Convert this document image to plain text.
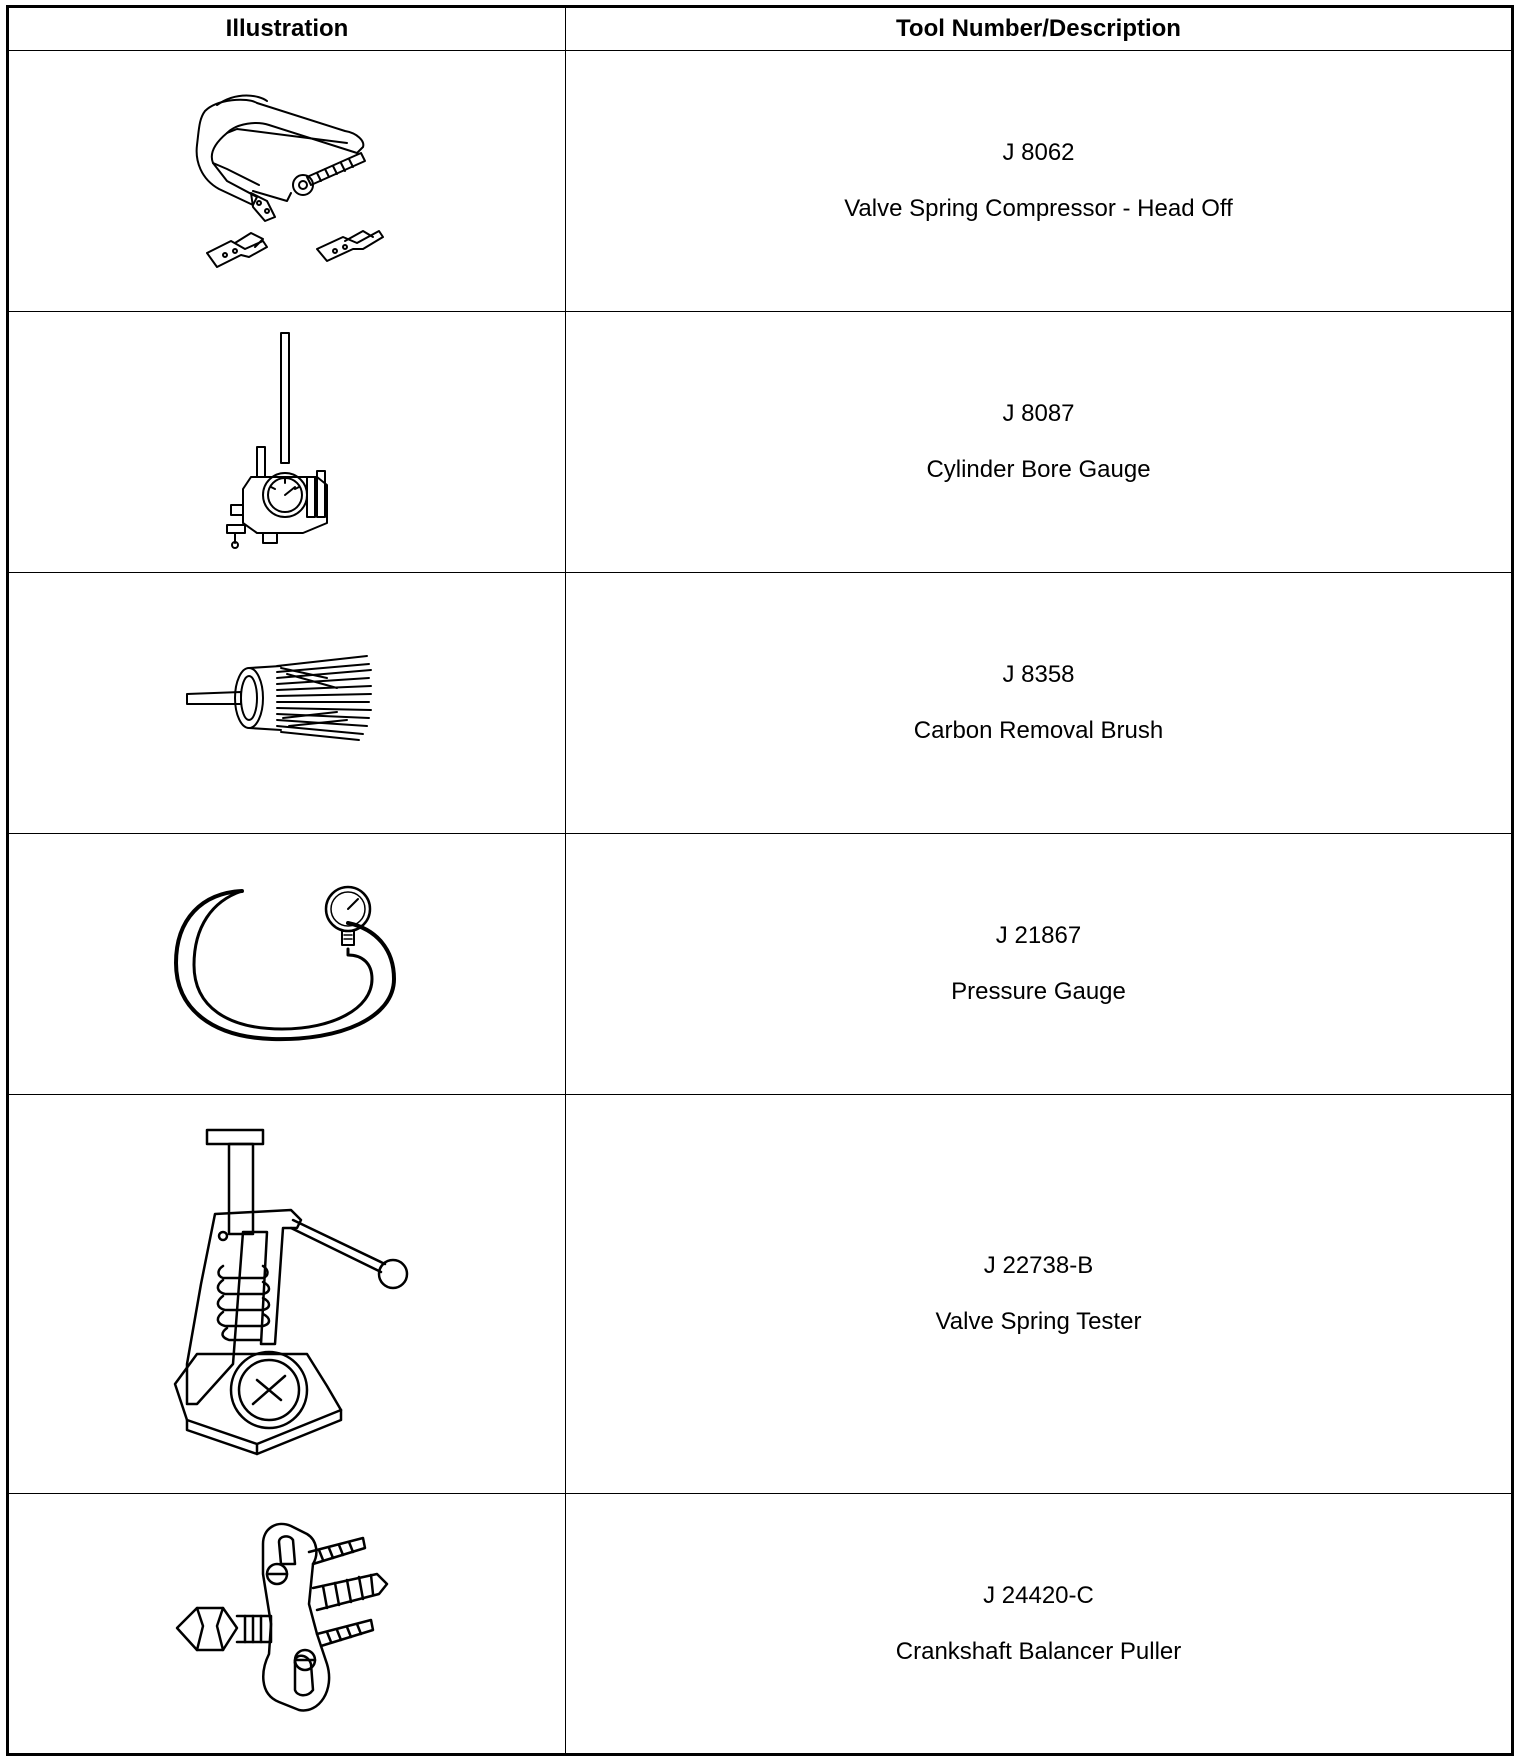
Illustration	Tool Number/Description

J 8062
Valve Spring Compressor - Head Off

J 8087
Cylinder Bore Gauge

J 8358
Carbon Removal Brush

J 21867
Pressure Gauge

J 22738-B
Valve Spring Tester

J 24420-C
Crankshaft Balancer Puller
